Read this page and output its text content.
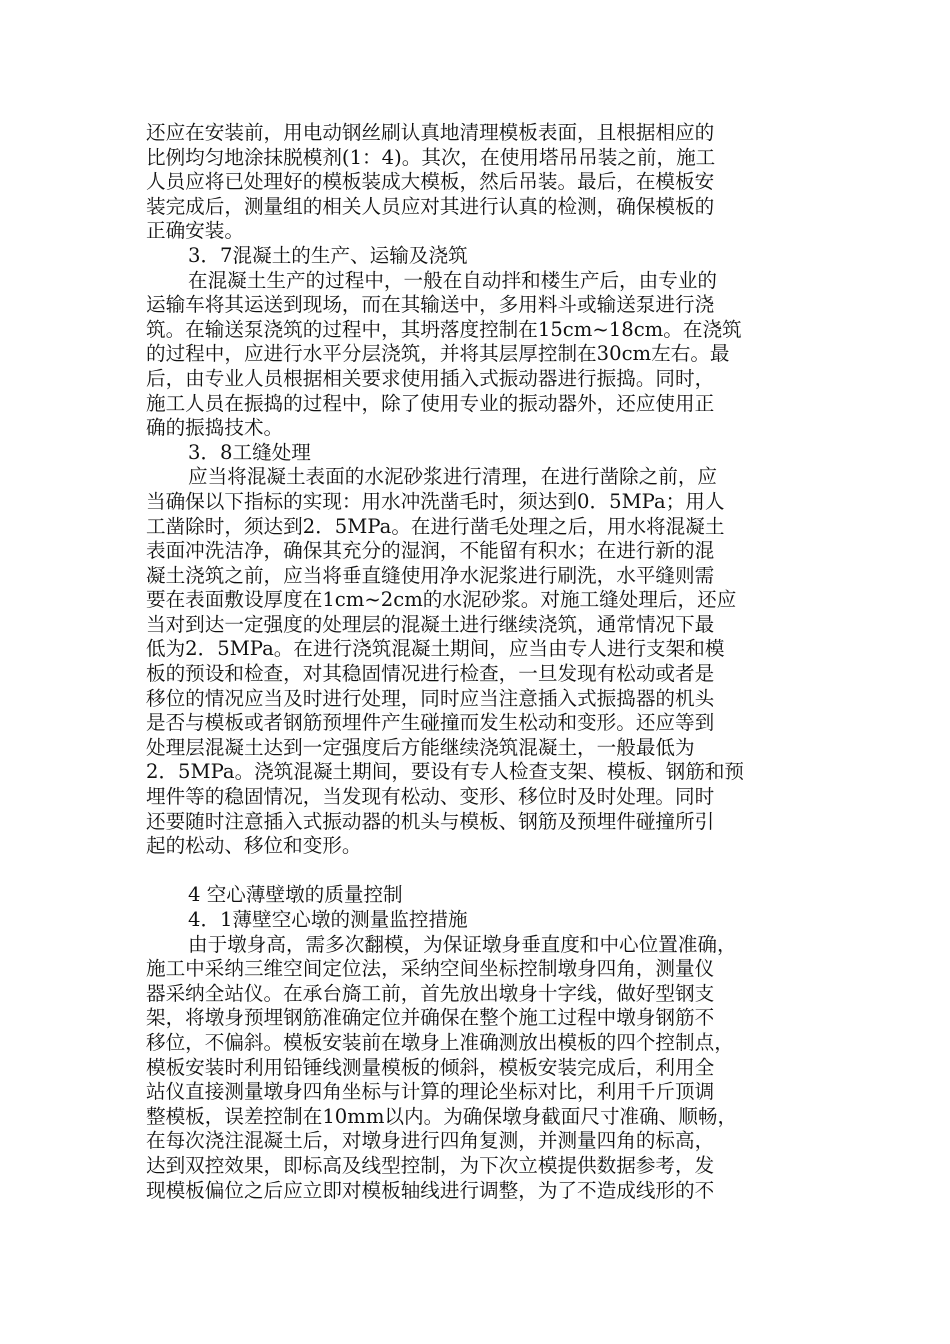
还应在安装前，用电动钢丝刷认真地清理模板表面，且根据相应的
比例均匀地涂抹脱模剂(1：4)。其次，在使用塔吊吊装之前，施工
人员应将已处理好的模板装成大模板，然后吊装。最后，在模板安
装完成后，测量组的相关人员应对其进行认真的检测，确保模板的
正确安装。
3．7混凝土的生产、运输及浇筑
在混凝土生产的过程中，一般在自动拌和楼生产后，由专业的
运输车将其运送到现场，而在其输送中，多用料斗或输送泵进行浇
筑。在输送泵浇筑的过程中，其坍落度控制在15cm~18cm。在浇筑
的过程中，应进行水平分层浇筑，并将其层厚控制在30cm左右。最
后，由专业人员根据相关要求使用插入式振动器进行振捣。同时，
施工人员在振捣的过程中，除了使用专业的振动器外，还应使用正
确的振捣技术。
3．8工缝处理
应当将混凝土表面的水泥砂浆进行清理，在进行凿除之前，应
当确保以下指标的实现：用水冲洗凿毛时，须达到0．5MPa；用人
工凿除时，须达到2．5MPa。在进行凿毛处理之后，用水将混凝土
表面冲洗洁净，确保其充分的湿润，不能留有积水；在进行新的混
凝土浇筑之前，应当将垂直缝使用净水泥浆进行刷洗，水平缝则需
要在表面敷设厚度在1cm~2cm的水泥砂浆。对施工缝处理后，还应
当对到达一定强度的处理层的混凝土进行继续浇筑，通常情况下最
低为2．5MPa。在进行浇筑混凝土期间，应当由专人进行支架和模
板的预设和检查，对其稳固情况进行检查，一旦发现有松动或者是
移位的情况应当及时进行处理，同时应当注意插入式振捣器的机头
是否与模板或者钢筋预埋件产生碰撞而发生松动和变形。还应等到
处理层混凝土达到一定强度后方能继续浇筑混凝土，一般最低为
2．5MPa。浇筑混凝土期间，要设有专人检查支架、模板、钢筋和预
埋件等的稳固情况，当发现有松动、变形、移位时及时处理。同时
还要随时注意插入式振动器的机头与模板、钢筋及预埋件碰撞所引
起的松动、移位和变形。
4 空心薄壁墩的质量控制
4．1薄壁空心墩的测量监控措施
由于墩身高，需多次翻模，为保证墩身垂直度和中心位置准确，
施工中采纳三维空间定位法，采纳空间坐标控制墩身四角，测量仪
器采纳全站仪。在承台旖工前，首先放出墩身十字线，做好型钢支
架，将墩身预埋钢筋准确定位并确保在整个施工过程中墩身钢筋不
移位，不偏斜。模板安装前在墩身上准确测放出模板的四个控制点，
模板安装时利用铅锤线测量模板的倾斜，模板安装完成后，利用全
站仪直接测量墩身四角坐标与计算的理论坐标对比，利用千斤顶调
整模板，误差控制在10mm以内。为确保墩身截面尺寸准确、顺畅，
在每次浇注混凝土后，对墩身进行四角复测，并测量四角的标高，
达到双控效果，即标高及线型控制，为下次立模提供数据参考，发
现模板偏位之后应立即对模板轴线进行调整，为了不造成线形的不
